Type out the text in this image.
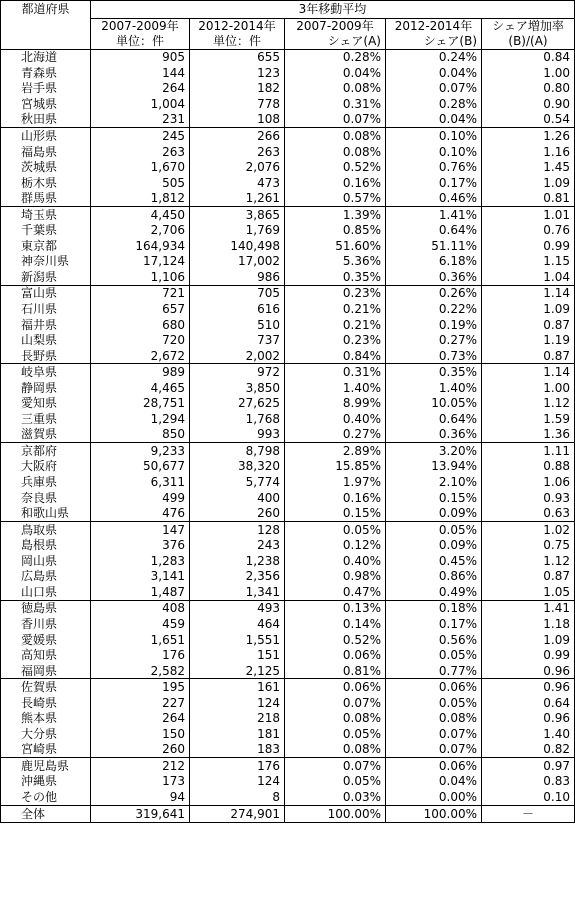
都道府県	3年移動平均				
	2007-2009年	2012-2014年	2007-2009年	2012-2014年	シェア増加率
	単位：件	単位：件	シェア(A)	シェア(B)	(B)/(A)
北海道	905	655	0.28%	0.24%	0.84
青森県	144	123	0.04%	0.04%	1.00
岩手県	264	182	0.08%	0.07%	0.80
宮城県	1,004	778	0.31%	0.28%	0.90
秋田県	231	108	0.07%	0.04%	0.54
山形県	245	266	0.08%	0.10%	1.26
福島県	263	263	0.08%	0.10%	1.16
茨城県	1,670	2,076	0.52%	0.76%	1.45
栃木県	505	473	0.16%	0.17%	1.09
群馬県	1,812	1,261	0.57%	0.46%	0.81
埼玉県	4,450	3,865	1.39%	1.41%	1.01
千葉県	2,706	1,769	0.85%	0.64%	0.76
東京都	164,934	140,498	51.60%	51.11%	0.99
神奈川県	17,124	17,002	5.36%	6.18%	1.15
新潟県	1,106	986	0.35%	0.36%	1.04
富山県	721	705	0.23%	0.26%	1.14
石川県	657	616	0.21%	0.22%	1.09
福井県	680	510	0.21%	0.19%	0.87
山梨県	720	737	0.23%	0.27%	1.19
長野県	2,672	2,002	0.84%	0.73%	0.87
岐阜県	989	972	0.31%	0.35%	1.14
静岡県	4,465	3,850	1.40%	1.40%	1.00
愛知県	28,751	27,625	8.99%	10.05%	1.12
三重県	1,294	1,768	0.40%	0.64%	1.59
滋賀県	850	993	0.27%	0.36%	1.36
京都府	9,233	8,798	2.89%	3.20%	1.11
大阪府	50,677	38,320	15.85%	13.94%	0.88
兵庫県	6,311	5,774	1.97%	2.10%	1.06
奈良県	499	400	0.16%	0.15%	0.93
和歌山県	476	260	0.15%	0.09%	0.63
鳥取県	147	128	0.05%	0.05%	1.02
島根県	376	243	0.12%	0.09%	0.75
岡山県	1,283	1,238	0.40%	0.45%	1.12
広島県	3,141	2,356	0.98%	0.86%	0.87
山口県	1,487	1,341	0.47%	0.49%	1.05
徳島県	408	493	0.13%	0.18%	1.41
香川県	459	464	0.14%	0.17%	1.18
愛媛県	1,651	1,551	0.52%	0.56%	1.09
高知県	176	151	0.06%	0.05%	0.99
福岡県	2,582	2,125	0.81%	0.77%	0.96
佐賀県	195	161	0.06%	0.06%	0.96
長崎県	227	124	0.07%	0.05%	0.64
熊本県	264	218	0.08%	0.08%	0.96
大分県	150	181	0.05%	0.07%	1.40
宮崎県	260	183	0.08%	0.07%	0.82
鹿児島県	212	176	0.07%	0.06%	0.97
沖縄県	173	124	0.05%	0.04%	0.83
その他	94	8	0.03%	0.00%	0.10
全体	319,641	274,901	100.00%	100.00%	－
